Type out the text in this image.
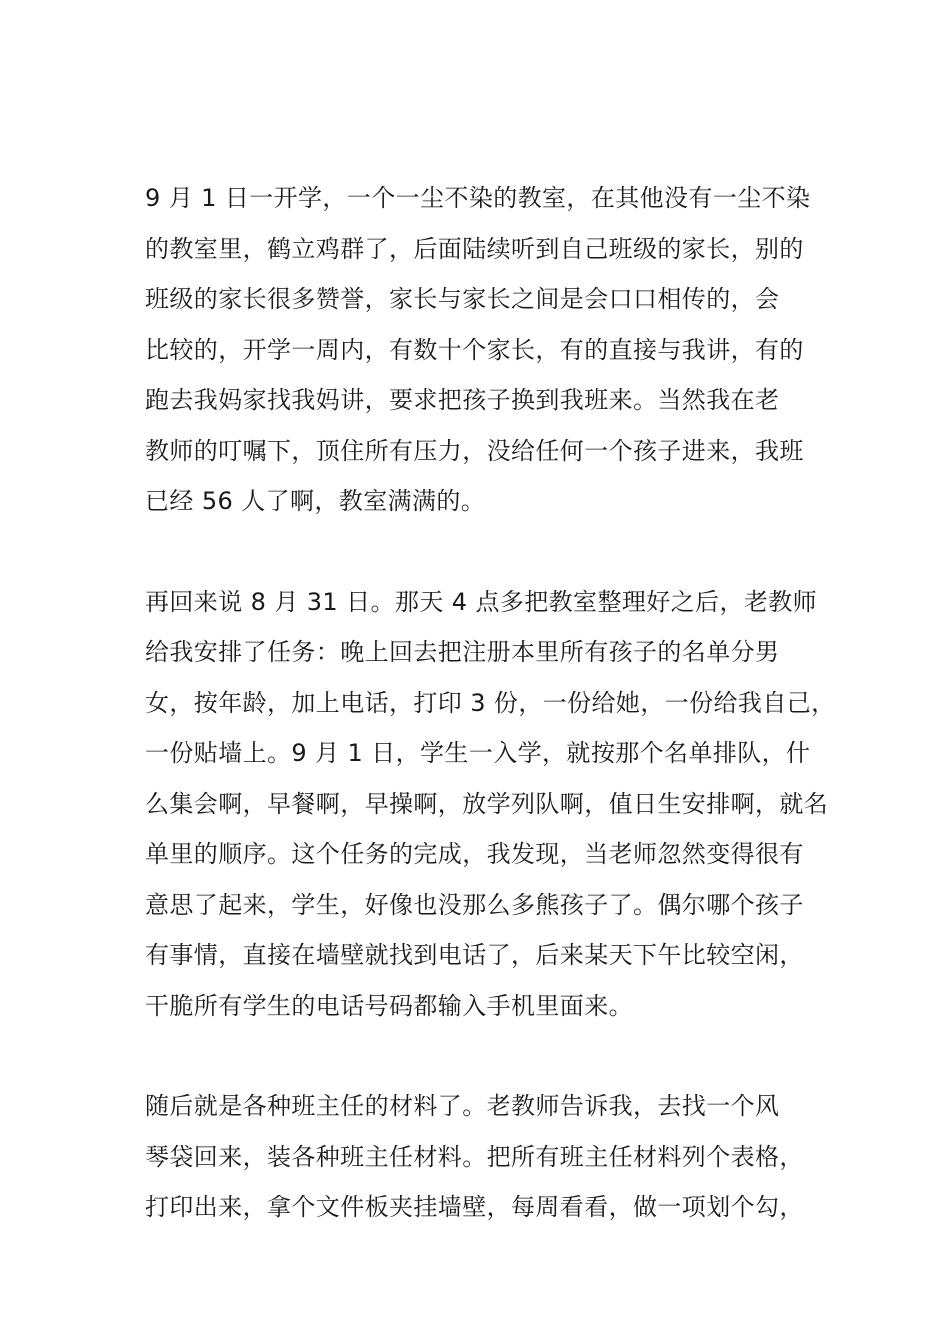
9 月 1 日一开学，一个一尘不染的教室，在其他没有一尘不染
的教室里，鹤立鸡群了，后面陆续听到自己班级的家长，别的
班级的家长很多赞誉，家长与家长之间是会口口相传的，会
比较的，开学一周内，有数十个家长，有的直接与我讲，有的
跑去我妈家找我妈讲，要求把孩子换到我班来。当然我在老
教师的叮嘱下，顶住所有压力，没给任何一个孩子进来，我班
已经 56 人了啊，教室满满的。

再回来说 8 月 31 日。那天 4 点多把教室整理好之后，老教师
给我安排了任务：晚上回去把注册本里所有孩子的名单分男
女，按年龄，加上电话，打印 3 份，一份给她，一份给我自己，
一份贴墙上。9 月 1 日，学生一入学，就按那个名单排队，什
么集会啊，早餐啊，早操啊，放学列队啊，值日生安排啊，就名
单里的顺序。这个任务的完成，我发现，当老师忽然变得很有
意思了起来，学生，好像也没那么多熊孩子了。偶尔哪个孩子
有事情，直接在墙壁就找到电话了，后来某天下午比较空闲，
干脆所有学生的电话号码都输入手机里面来。

随后就是各种班主任的材料了。老教师告诉我，去找一个风
琴袋回来，装各种班主任材料。把所有班主任材料列个表格，
打印出来，拿个文件板夹挂墙壁，每周看看，做一项划个勾，
